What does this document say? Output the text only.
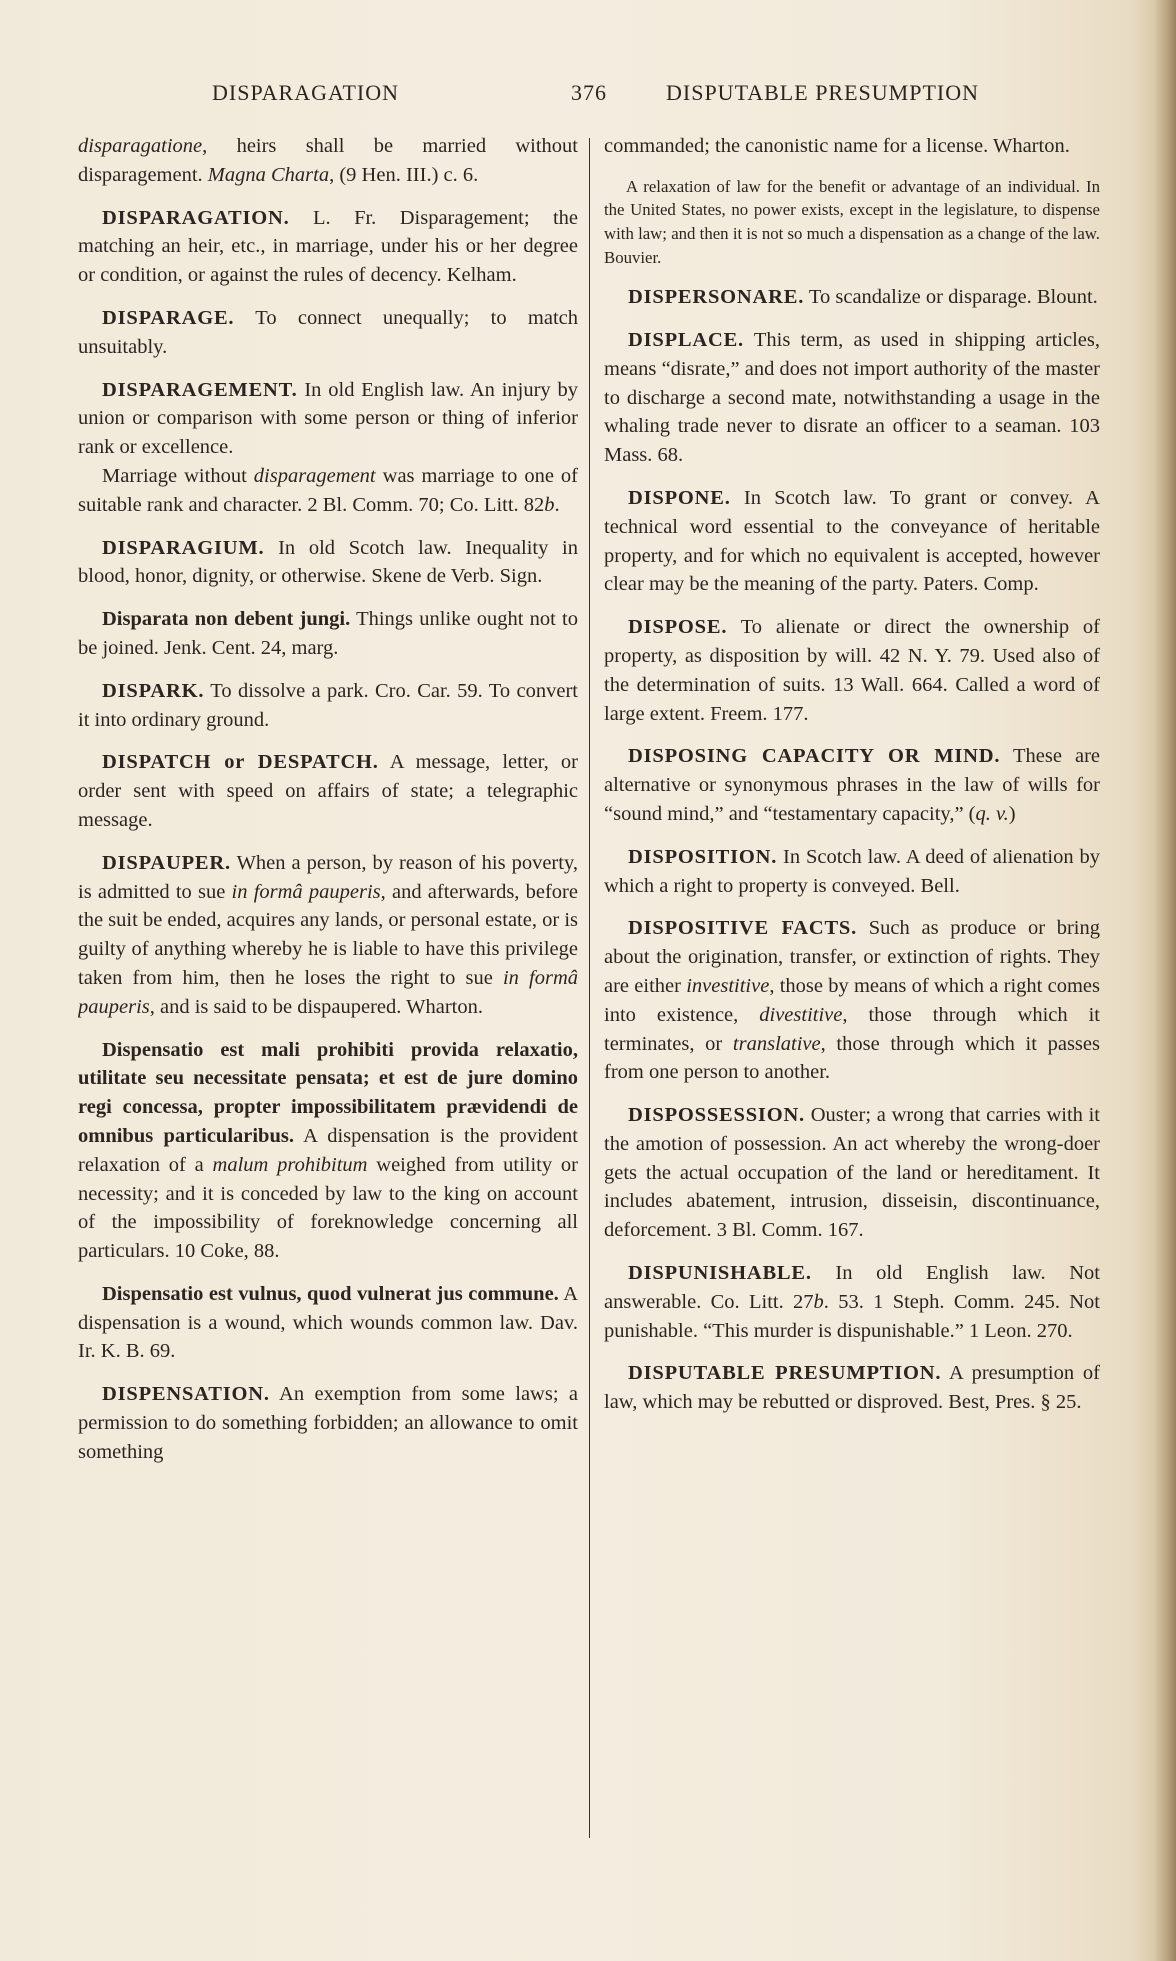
DISPARAGATION	376	DISPUTABLE PRESUMPTION

disparagatione, heirs shall be married without disparagement. Magna Charta, (9 Hen. III.) c. 6.

DISPARAGATION. L. Fr. Disparagement; the matching an heir, etc., in marriage, under his or her degree or condition, or against the rules of decency. Kelham.

DISPARAGE. To connect unequally; to match unsuitably.

DISPARAGEMENT. In old English law. An injury by union or comparison with some person or thing of inferior rank or excellence.

Marriage without disparagement was marriage to one of suitable rank and character. 2 Bl. Comm. 70; Co. Litt. 82b.

DISPARAGIUM. In old Scotch law. Inequality in blood, honor, dignity, or otherwise. Skene de Verb. Sign.

Disparata non debent jungi. Things unlike ought not to be joined. Jenk. Cent. 24, marg.

DISPARK. To dissolve a park. Cro. Car. 59. To convert it into ordinary ground.

DISPATCH or DESPATCH. A message, letter, or order sent with speed on affairs of state; a telegraphic message.

DISPAUPER. When a person, by reason of his poverty, is admitted to sue in formâ pauperis, and afterwards, before the suit be ended, acquires any lands, or personal estate, or is guilty of anything whereby he is liable to have this privilege taken from him, then he loses the right to sue in formâ pauperis, and is said to be dispaupered. Wharton.

Dispensatio est mali prohibiti provida relaxatio, utilitate seu necessitate pensata; et est de jure domino regi concessa, propter impossibilitatem prævidendi de omnibus particularibus. A dispensation is the provident relaxation of a malum prohibitum weighed from utility or necessity; and it is conceded by law to the king on account of the impossibility of foreknowledge concerning all particulars. 10 Coke, 88.

Dispensatio est vulnus, quod vulnerat jus commune. A dispensation is a wound, which wounds common law. Dav. Ir. K. B. 69.

DISPENSATION. An exemption from some laws; a permission to do something forbidden; an allowance to omit something

commanded; the canonistic name for a license. Wharton.

A relaxation of law for the benefit or advantage of an individual. In the United States, no power exists, except in the legislature, to dispense with law; and then it is not so much a dispensation as a change of the law. Bouvier.

DISPERSONARE. To scandalize or disparage. Blount.

DISPLACE. This term, as used in shipping articles, means “disrate,” and does not import authority of the master to discharge a second mate, notwithstanding a usage in the whaling trade never to disrate an officer to a seaman. 103 Mass. 68.

DISPONE. In Scotch law. To grant or convey. A technical word essential to the conveyance of heritable property, and for which no equivalent is accepted, however clear may be the meaning of the party. Paters. Comp.

DISPOSE. To alienate or direct the ownership of property, as disposition by will. 42 N. Y. 79. Used also of the determination of suits. 13 Wall. 664. Called a word of large extent. Freem. 177.

DISPOSING CAPACITY OR MIND. These are alternative or synonymous phrases in the law of wills for “sound mind,” and “testamentary capacity,” (q. v.)

DISPOSITION. In Scotch law. A deed of alienation by which a right to property is conveyed. Bell.

DISPOSITIVE FACTS. Such as produce or bring about the origination, transfer, or extinction of rights. They are either investitive, those by means of which a right comes into existence, divestitive, those through which it terminates, or translative, those through which it passes from one person to another.

DISPOSSESSION. Ouster; a wrong that carries with it the amotion of possession. An act whereby the wrong-doer gets the actual occupation of the land or hereditament. It includes abatement, intrusion, disseisin, discontinuance, deforcement. 3 Bl. Comm. 167.

DISPUNISHABLE. In old English law. Not answerable. Co. Litt. 27b. 53. 1 Steph. Comm. 245. Not punishable. “This murder is dispunishable.” 1 Leon. 270.

DISPUTABLE PRESUMPTION. A presumption of law, which may be rebutted or disproved. Best, Pres. § 25.
